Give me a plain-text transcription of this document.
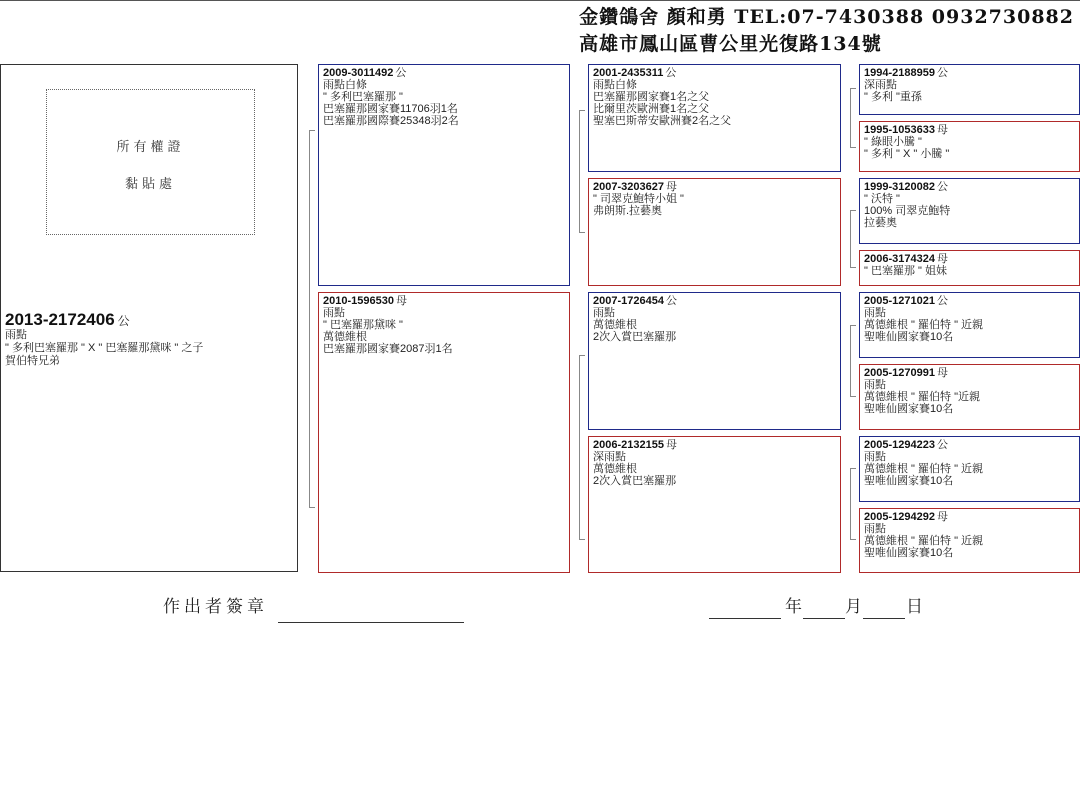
金鑽鴿舍 顏和勇 TEL:07-7430388 0932730882
高雄市鳳山區曹公里光復路134號
所有權證
黏貼處
2013-2172406 公
雨點
" 多利巴塞羅那 " X " 巴塞羅那黛咪 " 之子
賀伯特兄弟
2009-3011492 公
雨點白條
" 多利巴塞羅那 "
巴塞羅那國家賽11706羽1名
巴塞羅那國際賽25348羽2名
2010-1596530 母
雨點
" 巴塞羅那黛咪 "
萬德維根
巴塞羅那國家賽2087羽1名
2001-2435311 公
雨點白條
巴塞羅那國家賽1名之父
比爾里茨歐洲賽1名之父
聖塞巴斯蒂安歐洲賽2名之父
2007-3203627 母
" 司翠克鮑特小姐 "
弗朗斯.拉藝奧
2007-1726454 公
雨點
萬德維根
2次入賞巴塞羅那
2006-2132155 母
深雨點
萬德維根
2次入賞巴塞羅那
1994-2188959 公
深雨點
" 多利 "重孫
1995-1053633 母
" 綠眼小騰 "
" 多利 " X " 小騰 "
1999-3120082 公
" 沃特 "
100% 司翠克鮑特
拉藝奧
2006-3174324 母
" 巴塞羅那 " 姐妹
2005-1271021 公
雨點
萬德維根 " 羅伯特 " 近親
聖唯仙國家賽10名
2005-1270991 母
雨點
萬德維根 " 羅伯特 "近親
聖唯仙國家賽10名
2005-1294223 公
雨點
萬德維根 " 羅伯特 " 近親
聖唯仙國家賽10名
2005-1294292 母
雨點
萬德維根 " 羅伯特 " 近親
聖唯仙國家賽10名
作出者簽章	年	月	日
